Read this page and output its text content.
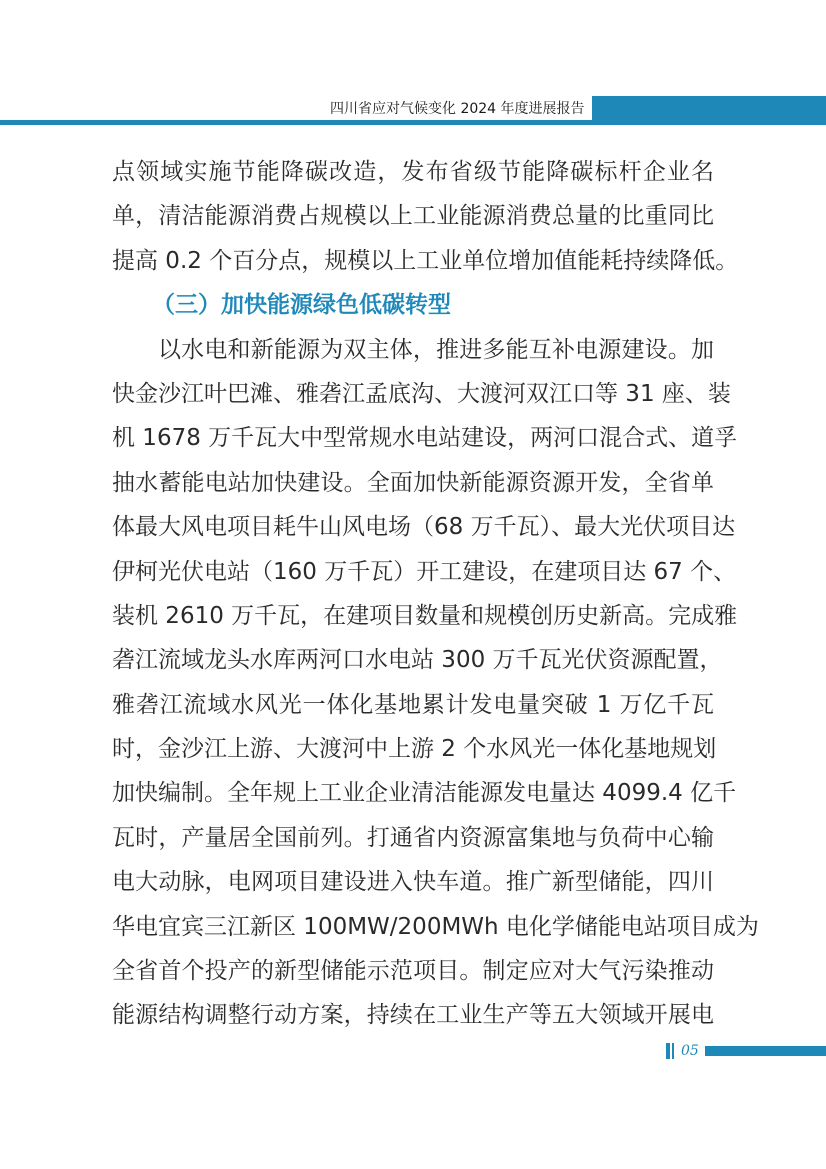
四川省应对气候变化 2024 年度进展报告
点领域实施节能降碳改造，发布省级节能降碳标杆企业名
单，清洁能源消费占规模以上工业能源消费总量的比重同比
提高 0.2 个百分点，规模以上工业单位增加值能耗持续降低。
（三）加快能源绿色低碳转型
以水电和新能源为双主体，推进多能互补电源建设。加
快金沙江叶巴滩、雅砻江孟底沟、大渡河双江口等 31 座、装
机 1678 万千瓦大中型常规水电站建设，两河口混合式、道孚
抽水蓄能电站加快建设。全面加快新能源资源开发，全省单
体最大风电项目耗牛山风电场（68 万千瓦）、最大光伏项目达
伊柯光伏电站（160 万千瓦）开工建设，在建项目达 67 个、
装机 2610 万千瓦，在建项目数量和规模创历史新高。完成雅
砻江流域龙头水库两河口水电站 300 万千瓦光伏资源配置，
雅砻江流域水风光一体化基地累计发电量突破 1 万亿千瓦
时，金沙江上游、大渡河中上游 2 个水风光一体化基地规划
加快编制。全年规上工业企业清洁能源发电量达 4099.4 亿千
瓦时，产量居全国前列。打通省内资源富集地与负荷中心输
电大动脉，电网项目建设进入快车道。推广新型储能，四川
华电宜宾三江新区 100MW/200MWh 电化学储能电站项目成为
全省首个投产的新型储能示范项目。制定应对大气污染推动
能源结构调整行动方案，持续在工业生产等五大领域开展电
05
